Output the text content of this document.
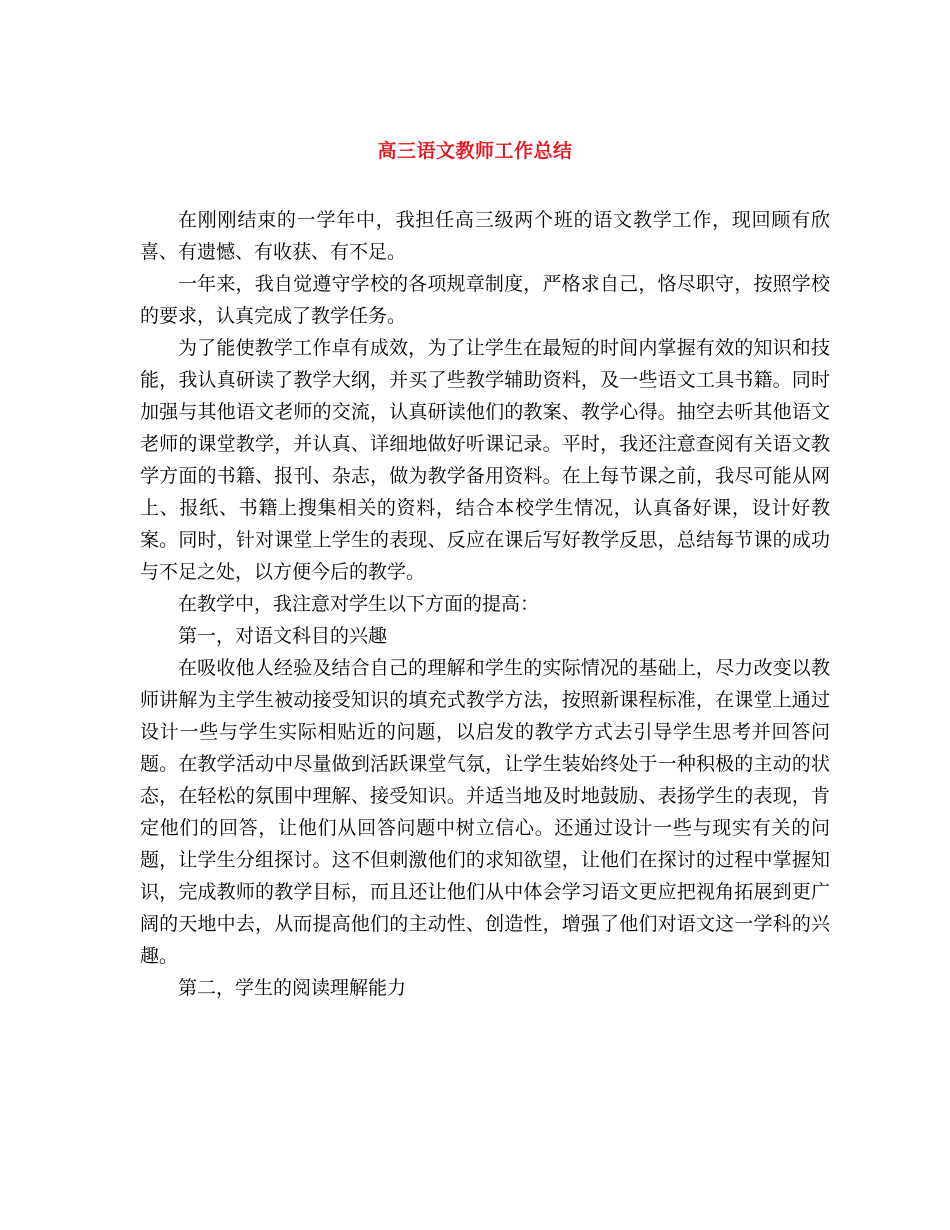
高三语文教师工作总结

在刚刚结束的一学年中，我担任高三级两个班的语文教学工作，现回顾有欣喜、有遗憾、有收获、有不足。

一年来，我自觉遵守学校的各项规章制度，严格求自己，恪尽职守，按照学校的要求，认真完成了教学任务。

为了能使教学工作卓有成效，为了让学生在最短的时间内掌握有效的知识和技能，我认真研读了教学大纲，并买了些教学辅助资料，及一些语文工具书籍。同时加强与其他语文老师的交流，认真研读他们的教案、教学心得。抽空去听其他语文老师的课堂教学，并认真、详细地做好听课记录。平时，我还注意查阅有关语文教学方面的书籍、报刊、杂志，做为教学备用资料。在上每节课之前，我尽可能从网上、报纸、书籍上搜集相关的资料，结合本校学生情况，认真备好课，设计好教案。同时，针对课堂上学生的表现、反应在课后写好教学反思，总结每节课的成功与不足之处，以方便今后的教学。

在教学中，我注意对学生以下方面的提高：

第一，对语文科目的兴趣

在吸收他人经验及结合自己的理解和学生的实际情况的基础上，尽力改变以教师讲解为主学生被动接受知识的填充式教学方法，按照新课程标准，在课堂上通过设计一些与学生实际相贴近的问题，以启发的教学方式去引导学生思考并回答问题。在教学活动中尽量做到活跃课堂气氛，让学生装始终处于一种积极的主动的状态，在轻松的氛围中理解、接受知识。并适当地及时地鼓励、表扬学生的表现，肯定他们的回答，让他们从回答问题中树立信心。还通过设计一些与现实有关的问题，让学生分组探讨。这不但刺激他们的求知欲望，让他们在探讨的过程中掌握知识，完成教师的教学目标，而且还让他们从中体会学习语文更应把视角拓展到更广阔的天地中去，从而提高他们的主动性、创造性，增强了他们对语文这一学科的兴趣。

第二，学生的阅读理解能力
